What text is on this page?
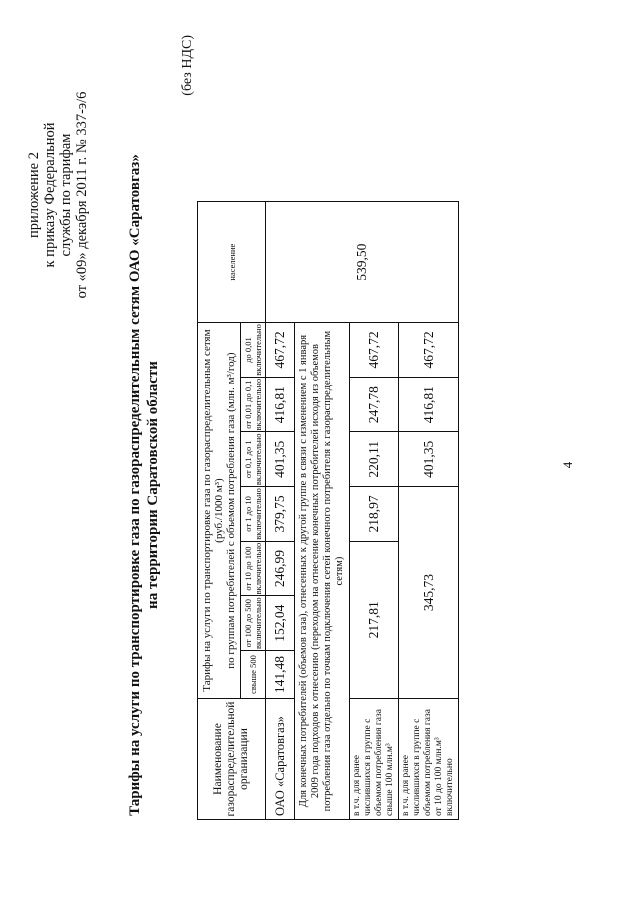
приложение 2 к приказу Федеральной службы по тарифам от «09» декабря 2011 г. № 337-э/6 Тарифы на услуги по транспортировке газа по газораспределительным сетям ОАО «Саратовгаз» на территории Саратовской области
(без НДС)
Наименование газораспределительной организации	Тарифы на услуги по транспортировке газа по газораспределительным сетям (руб./1000 м³) по группам потребителей с объемом потребления газа (млн. м³/год)							население
	свыше 500	от 100 до 500 включительно	от 10 до 100 включительно	от 1 до 10 включительно	от 0,1 до 1 включительно	от 0,01 до 0,1 включительно	до 0,01 включительно	
ОАО «Саратовгаз»	141,48	152,04	246,99	379,75	401,35	416,81	467,72	539,50
Для конечных потребителей (объемов газа), отнесенных к другой группе в связи с изменением с 1 января 2009 года подходов к отнесению (переходом на отнесение конечных потребителей исходя из объемов потребления газа отдельно по точкам подключения сетей конечного потребителя к газораспределительным сетям)								
в т.ч. для ранее числившихся в группе с объемом потребления газа свыше 100 млн.м³	217,81			218,97	220,11	247,78	467,72	
в т.ч. для ранее числившихся в группе с объемом потребления газа от 10 до 100 млн.м³ включительно	345,73				401,35	416,81	467,72	
4
